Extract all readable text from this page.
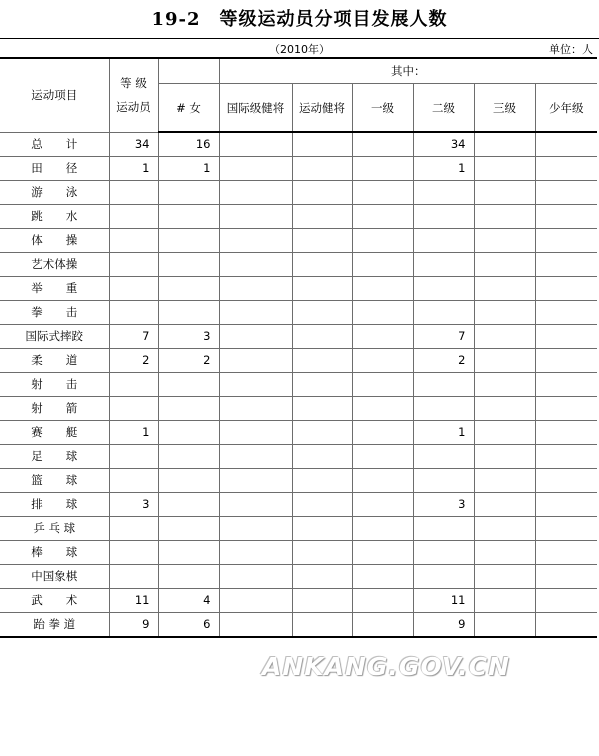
19-2　等级运动员分项目发展人数
（2010年）	单位：人
运动项目	等 级
运动员		其中：					
		# 女	国际级健将	运动健将	一级	二级	三级	少年级
总　　计	34	16				34		
田　　径	1	1				1		
游　　泳								
跳　　水								
体　　操								
艺术体操								
举　　重								
拳　　击								
国际式摔跤	7	3				7		
柔　　道	2	2				2		
射　　击								
射　　箭								
赛　　艇	1					1		
足　　球								
篮　　球								
排　　球	3					3		
乒 乓 球								
棒　　球								
中国象棋								
武　　术	11	4				11		
跆 拳 道	9	6				9		
ANKANG.GOV.CN
